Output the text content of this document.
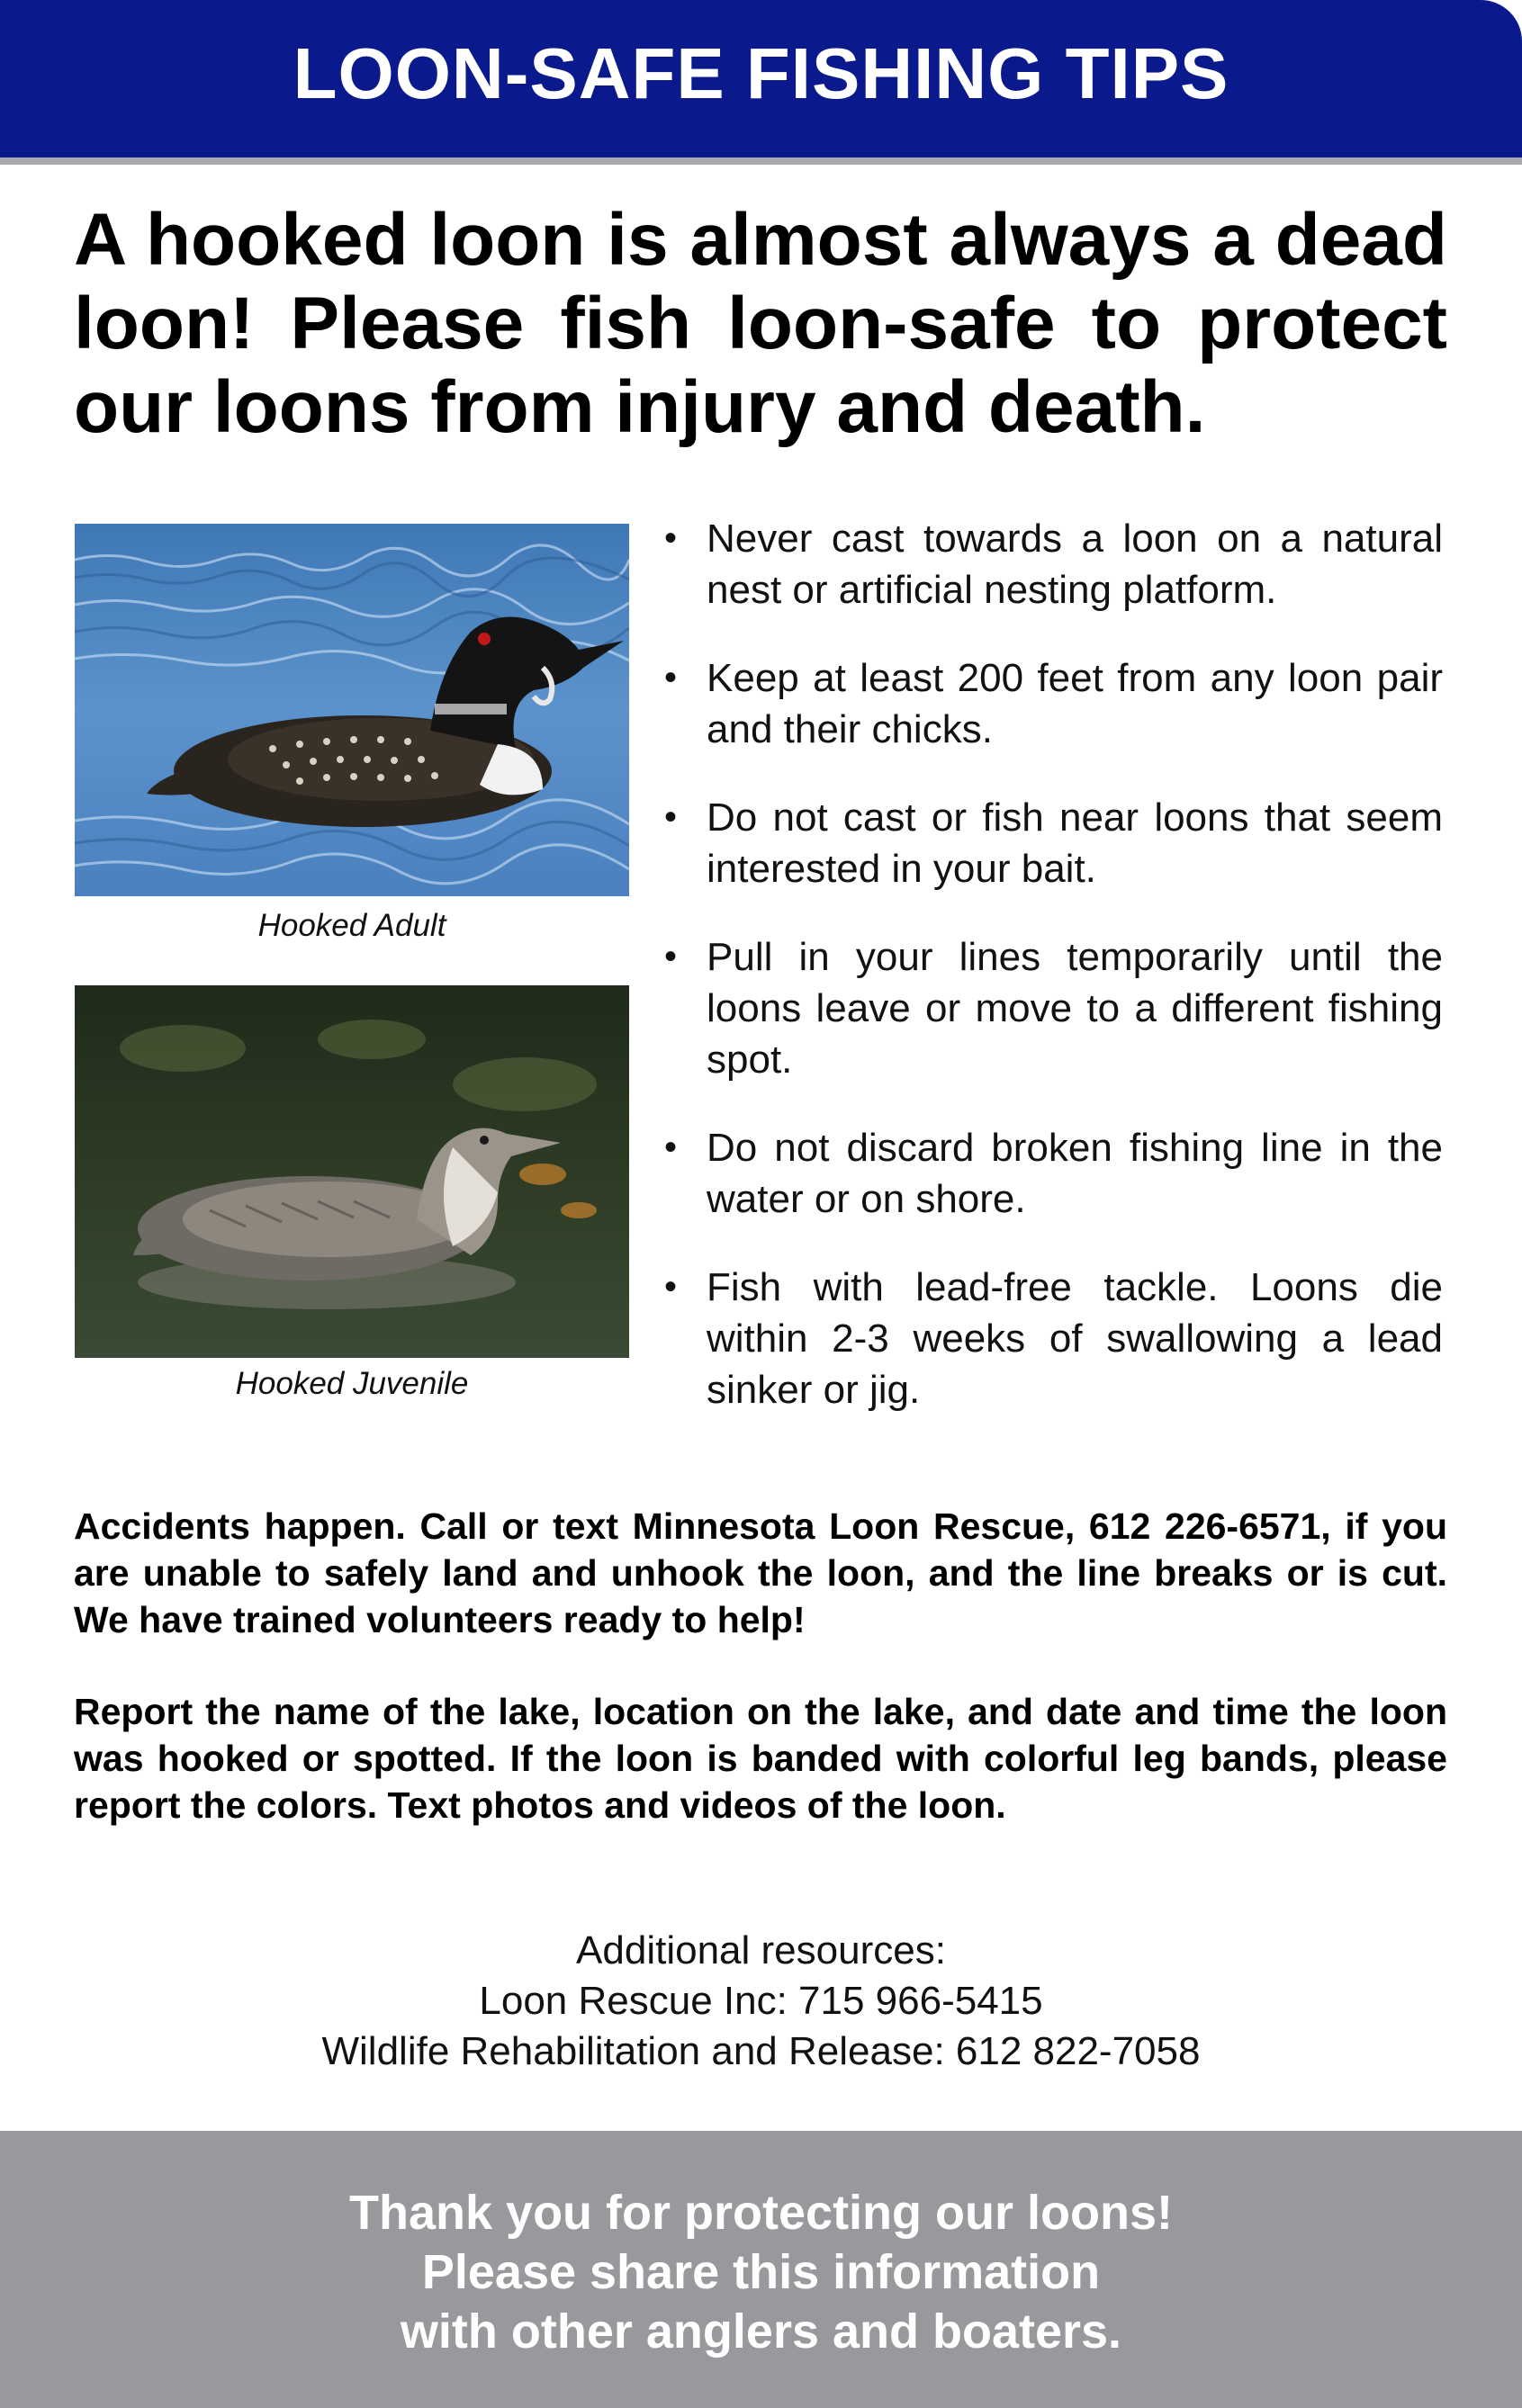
LOON-SAFE FISHING TIPS
A hooked loon is almost always a dead loon! Please fish loon-safe to protect our loons from injury and death.
Hooked Adult
Hooked Juvenile
• Never cast towards a loon on a natural nest or artificial nesting platform.
• Keep at least 200 feet from any loon pair and their chicks.
• Do not cast or fish near loons that seem interested in your bait.
• Pull in your lines temporarily until the loons leave or move to a different fishing spot.
• Do not discard broken fishing line in the water or on shore.
• Fish with lead-free tackle. Loons die within 2-3 weeks of swallowing a lead sinker or jig.
Accidents happen. Call or text Minnesota Loon Rescue, 612 226-6571, if you are unable to safely land and unhook the loon, and the line breaks or is cut. We have trained volunteers ready to help!
Report the name of the lake, location on the lake, and date and time the loon was hooked or spotted. If the loon is banded with colorful leg bands, please report the colors. Text photos and videos of the loon.
Additional resources:
Loon Rescue Inc: 715 966-5415
Wildlife Rehabilitation and Release: 612 822-7058
Thank you for protecting our loons!
Please share this information
with other anglers and boaters.
